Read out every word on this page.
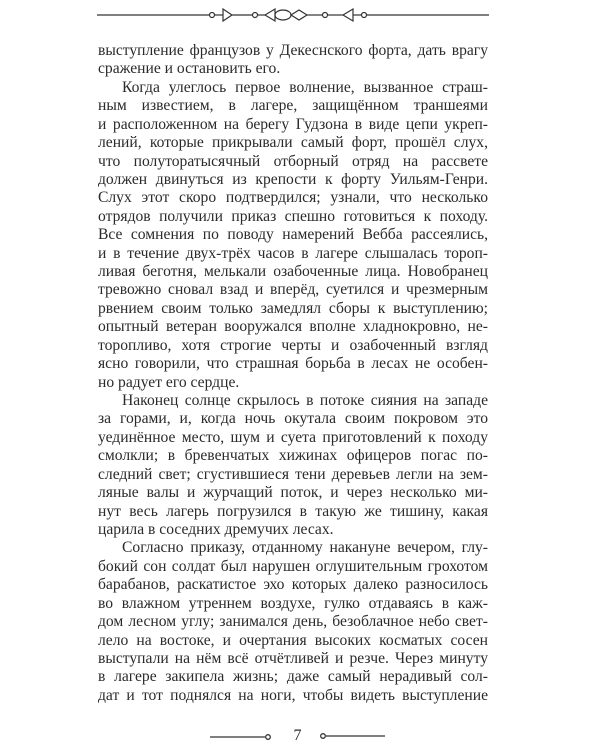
выступление французов у Декеснского форта, дать врагу
сражение и остановить его.
Когда улеглось первое волнение, вызванное страш-
ным известием, в лагере, защищённом траншеями
и расположенном на берегу Гудзона в виде цепи укреп-
лений, которые прикрывали самый форт, прошёл слух,
что полуторатысячный отборный отряд на рассвете
должен двинуться из крепости к форту Уильям-Генри.
Слух этот скоро подтвердился; узнали, что несколько
отрядов получили приказ спешно готовиться к походу.
Все сомнения по поводу намерений Вебба рассеялись,
и в течение двух-трёх часов в лагере слышалась тороп-
ливая беготня, мелькали озабоченные лица. Новобранец
тревожно сновал взад и вперёд, суетился и чрезмерным
рвением своим только замедлял сборы к выступлению;
опытный ветеран вооружался вполне хладнокровно, не-
торопливо, хотя строгие черты и озабоченный взгляд
ясно говорили, что страшная борьба в лесах не особен-
но радует его сердце.
Наконец солнце скрылось в потоке сияния на западе
за горами, и, когда ночь окутала своим покровом это
уединённое место, шум и суета приготовлений к походу
смолкли; в бревенчатых хижинах офицеров погас по-
следний свет; сгустившиеся тени деревьев легли на зем-
ляные валы и журчащий поток, и через несколько ми-
нут весь лагерь погрузился в такую же тишину, какая
царила в соседних дремучих лесах.
Согласно приказу, отданному накануне вечером, глу-
бокий сон солдат был нарушен оглушительным грохотом
барабанов, раскатистое эхо которых далеко разносилось
во влажном утреннем воздухе, гулко отдаваясь в каж-
дом лесном углу; занимался день, безоблачное небо свет-
лело на востоке, и очертания высоких косматых сосен
выступали на нём всё отчётливей и резче. Через минуту
в лагере закипела жизнь; даже самый нерадивый сол-
дат и тот поднялся на ноги, чтобы видеть выступление
7
